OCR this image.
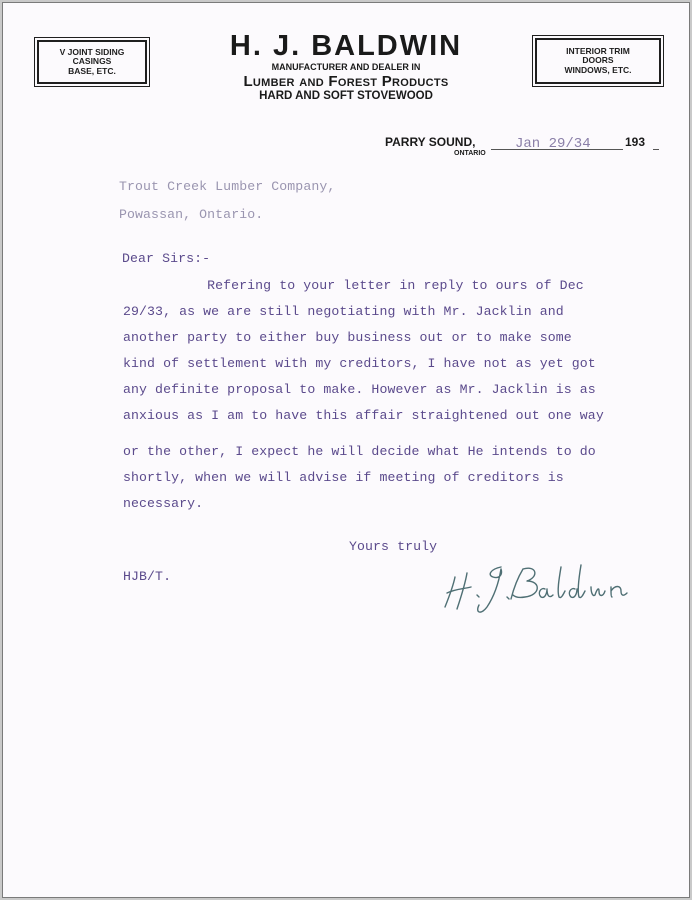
V JOINT SIDING
CASINGS
BASE, ETC.
H. J. BALDWIN
MANUFACTURER AND DEALER IN
Lumber and Forest Products
HARD AND SOFT STOVEWOOD
INTERIOR TRIM
DOORS
WINDOWS, ETC.
PARRY SOUND,
ONTARIO
Jan 29/34	193
Trout Creek Lumber Company,
Powassan, Ontario.
Dear Sirs:-
Refering to your letter in reply to ours of Dec
29/33, as we are still negotiating with Mr. Jacklin and
another party to either buy business out or to make some
kind of settlement with my creditors, I have not as yet got
any definite proposal to make. However as Mr. Jacklin is as
anxious as I am to have this affair straightened out one way
or the other, I expect he will decide what He intends to do
shortly, when we will advise if meeting of creditors is
necessary.
Yours truly
HJB/T.
